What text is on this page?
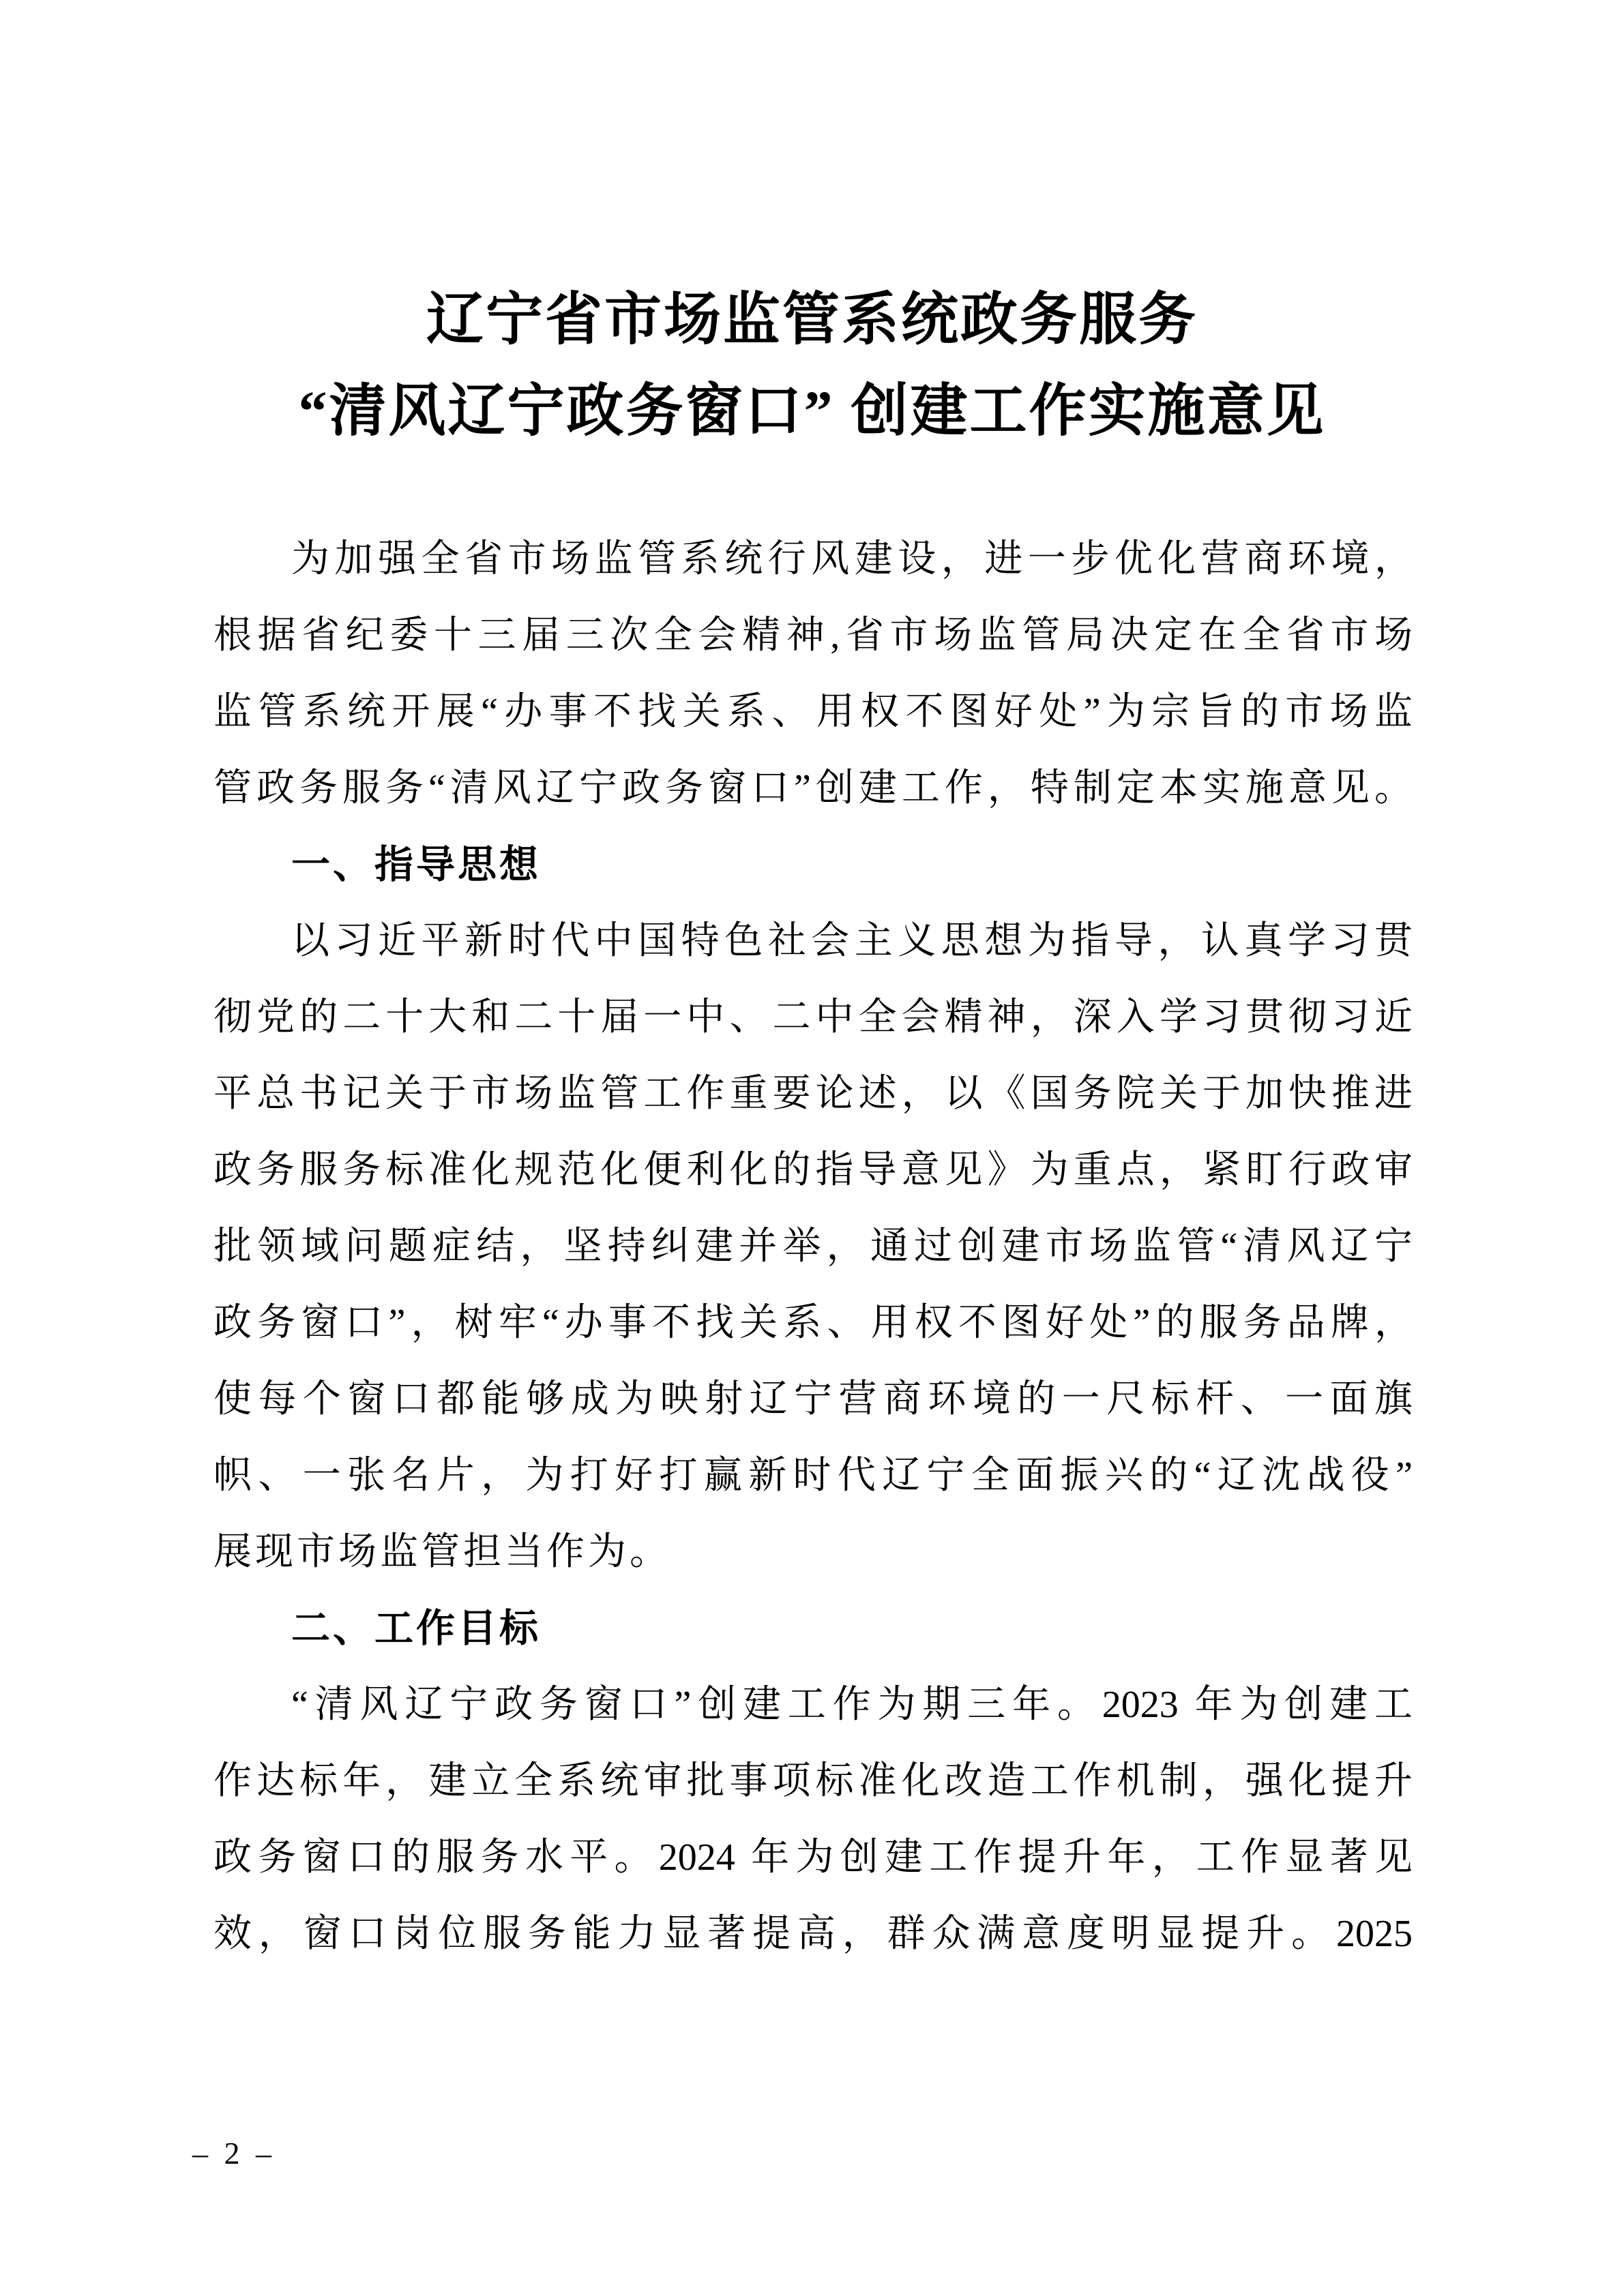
辽宁省市场监管系统政务服务
“清风辽宁政务窗口” 创建工作实施意见
为加强全省市场监管系统行风建设，进一步优化营商环境，
根据省纪委十三届三次全会精神,省市场监管局决定在全省市场
监管系统开展“办事不找关系、用权不图好处”为宗旨的市场监
管政务服务“清风辽宁政务窗口”创建工作，特制定本实施意见。
一、指导思想
以习近平新时代中国特色社会主义思想为指导，认真学习贯
彻党的二十大和二十届一中、二中全会精神，深入学习贯彻习近
平总书记关于市场监管工作重要论述，以《国务院关于加快推进
政务服务标准化规范化便利化的指导意见》为重点，紧盯行政审
批领域问题症结，坚持纠建并举，通过创建市场监管“清风辽宁
政务窗口”，树牢“办事不找关系、用权不图好处”的服务品牌，
使每个窗口都能够成为映射辽宁营商环境的一尺标杆、一面旗
帜、一张名片，为打好打赢新时代辽宁全面振兴的“辽沈战役”
展现市场监管担当作为。
二、工作目标
“清风辽宁政务窗口”创建工作为期三年。2023 年为创建工
作达标年，建立全系统审批事项标准化改造工作机制，强化提升
政务窗口的服务水平。2024 年为创建工作提升年，工作显著见
效，窗口岗位服务能力显著提高，群众满意度明显提升。2025
– 2 –
